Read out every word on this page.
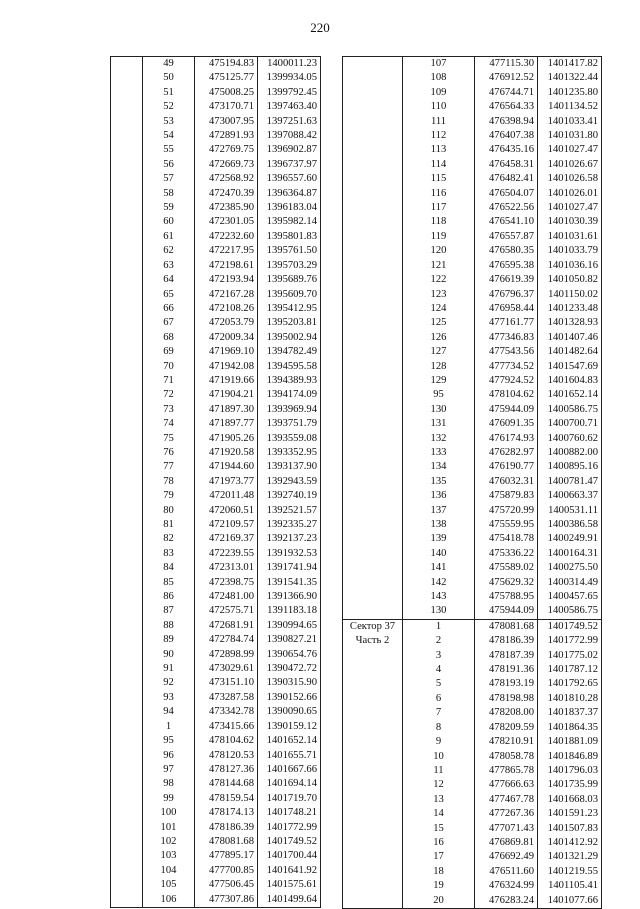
220
	49	475194.83	1400011.23
	50	475125.77	1399934.05
	51	475008.25	1399792.45
	52	473170.71	1397463.40
	53	473007.95	1397251.63
	54	472891.93	1397088.42
	55	472769.75	1396902.87
	56	472669.73	1396737.97
	57	472568.92	1396557.60
	58	472470.39	1396364.87
	59	472385.90	1396183.04
	60	472301.05	1395982.14
	61	472232.60	1395801.83
	62	472217.95	1395761.50
	63	472198.61	1395703.29
	64	472193.94	1395689.76
	65	472167.28	1395609.70
	66	472108.26	1395412.95
	67	472053.79	1395203.81
	68	472009.34	1395002.94
	69	471969.10	1394782.49
	70	471942.08	1394595.58
	71	471919.66	1394389.93
	72	471904.21	1394174.09
	73	471897.30	1393969.94
	74	471897.77	1393751.79
	75	471905.26	1393559.08
	76	471920.58	1393352.95
	77	471944.60	1393137.90
	78	471973.77	1392943.59
	79	472011.48	1392740.19
	80	472060.51	1392521.57
	81	472109.57	1392335.27
	82	472169.37	1392137.23
	83	472239.55	1391932.53
	84	472313.01	1391741.94
	85	472398.75	1391541.35
	86	472481.00	1391366.90
	87	472575.71	1391183.18
	88	472681.91	1390994.65
	89	472784.74	1390827.21
	90	472898.99	1390654.76
	91	473029.61	1390472.72
	92	473151.10	1390315.90
	93	473287.58	1390152.66
	94	473342.78	1390090.65
	1	473415.66	1390159.12
	95	478104.62	1401652.14
	96	478120.53	1401655.71
	97	478127.36	1401667.66
	98	478144.68	1401694.14
	99	478159.54	1401719.70
	100	478174.13	1401748.21
	101	478186.39	1401772.99
	102	478081.68	1401749.52
	103	477895.17	1401700.44
	104	477700.85	1401641.92
	105	477506.45	1401575.61
	106	477307.86	1401499.64
	107	477115.30	1401417.82
	108	476912.52	1401322.44
	109	476744.71	1401235.80
	110	476564.33	1401134.52
	111	476398.94	1401033.41
	112	476407.38	1401031.80
	113	476435.16	1401027.47
	114	476458.31	1401026.67
	115	476482.41	1401026.58
	116	476504.07	1401026.01
	117	476522.56	1401027.47
	118	476541.10	1401030.39
	119	476557.87	1401031.61
	120	476580.35	1401033.79
	121	476595.38	1401036.16
	122	476619.39	1401050.82
	123	476796.37	1401150.02
	124	476958.44	1401233.48
	125	477161.77	1401328.93
	126	477346.83	1401407.46
	127	477543.56	1401482.64
	128	477734.52	1401547.69
	129	477924.52	1401604.83
	95	478104.62	1401652.14
	130	475944.09	1400586.75
	131	476091.35	1400700.71
	132	476174.93	1400760.62
	133	476282.97	1400882.00
	134	476190.77	1400895.16
	135	476032.31	1400781.47
	136	475879.83	1400663.37
	137	475720.99	1400531.11
	138	475559.95	1400386.58
	139	475418.78	1400249.91
	140	475336.22	1400164.31
	141	475589.02	1400275.50
	142	475629.32	1400314.49
	143	475788.95	1400457.65
	130	475944.09	1400586.75

Сектор 37
Часть 2	1	478081.68	1401749.52
	2	478186.39	1401772.99
	3	478187.39	1401775.02
	4	478191.36	1401787.12
	5	478193.19	1401792.65
	6	478198.98	1401810.28
	7	478208.00	1401837.37
	8	478209.59	1401864.35
	9	478210.91	1401881.09
	10	478058.78	1401846.89
	11	477865.78	1401796.03
	12	477666.63	1401735.99
	13	477467.78	1401668.03
	14	477267.36	1401591.23
	15	477071.43	1401507.83
	16	476869.81	1401412.92
	17	476692.49	1401321.29
	18	476511.60	1401219.55
	19	476324.99	1401105.41
	20	476283.24	1401077.66
